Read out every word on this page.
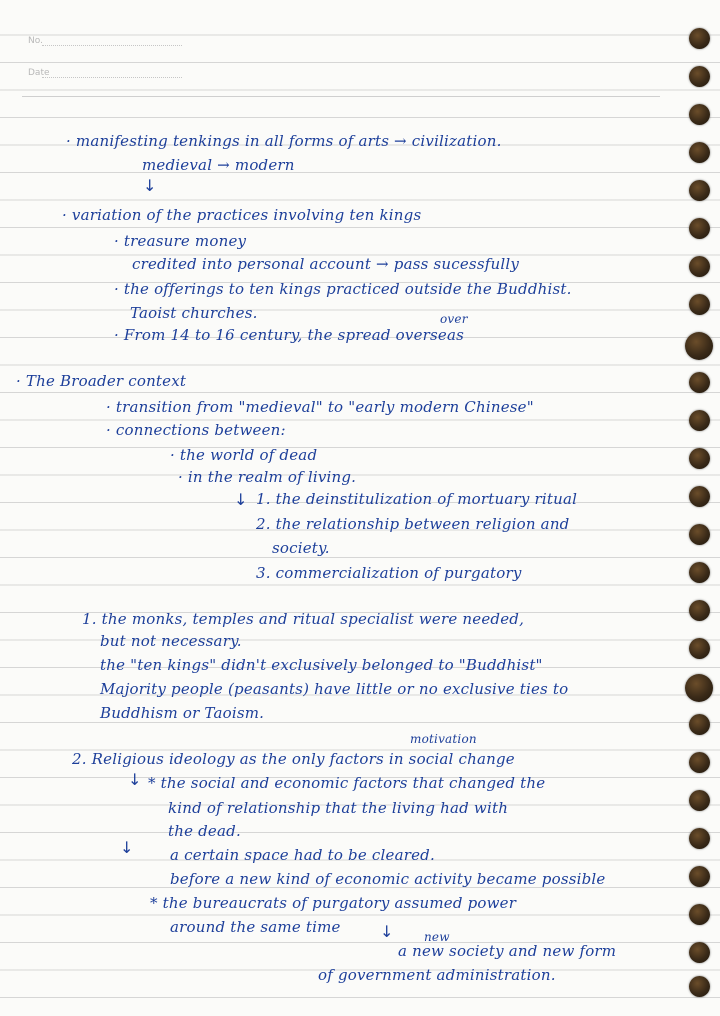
No.
Date
· manifesting tenkings in all forms of arts → civilization.
medieval → modern
↓
· variation of the practices involving ten kings
· treasure money
credited into personal account → pass sucessfully
· the offerings to ten kings practiced outside the Buddhist.
Taoist churches.	over
· From 14 to 16 century, the spread overseas
· The Broader context
· transition from "medieval" to "early modern Chinese"
· connections between:
· the world of dead
· in the realm of living.
↓ 1. the deinstitulization of mortuary ritual
2. the relationship between religion and
society.
3. commercialization of purgatory
1. the monks, temples and ritual specialist were needed,
but not necessary.
the "ten kings" didn't exclusively belonged to "Buddhist"
Majority people (peasants) have little or no exclusive ties to
Buddhism or Taoism.
motivation
2. Religious ideology as the only factors in social change
↓ * the social and economic factors that changed the
kind of relationship that the living had with
the dead.
↓ a certain space had to be cleared.
before a new kind of economic activity became possible
* the bureaucrats of purgatory assumed power
around the same time ↓	new
a new society and new form
of government administration.
